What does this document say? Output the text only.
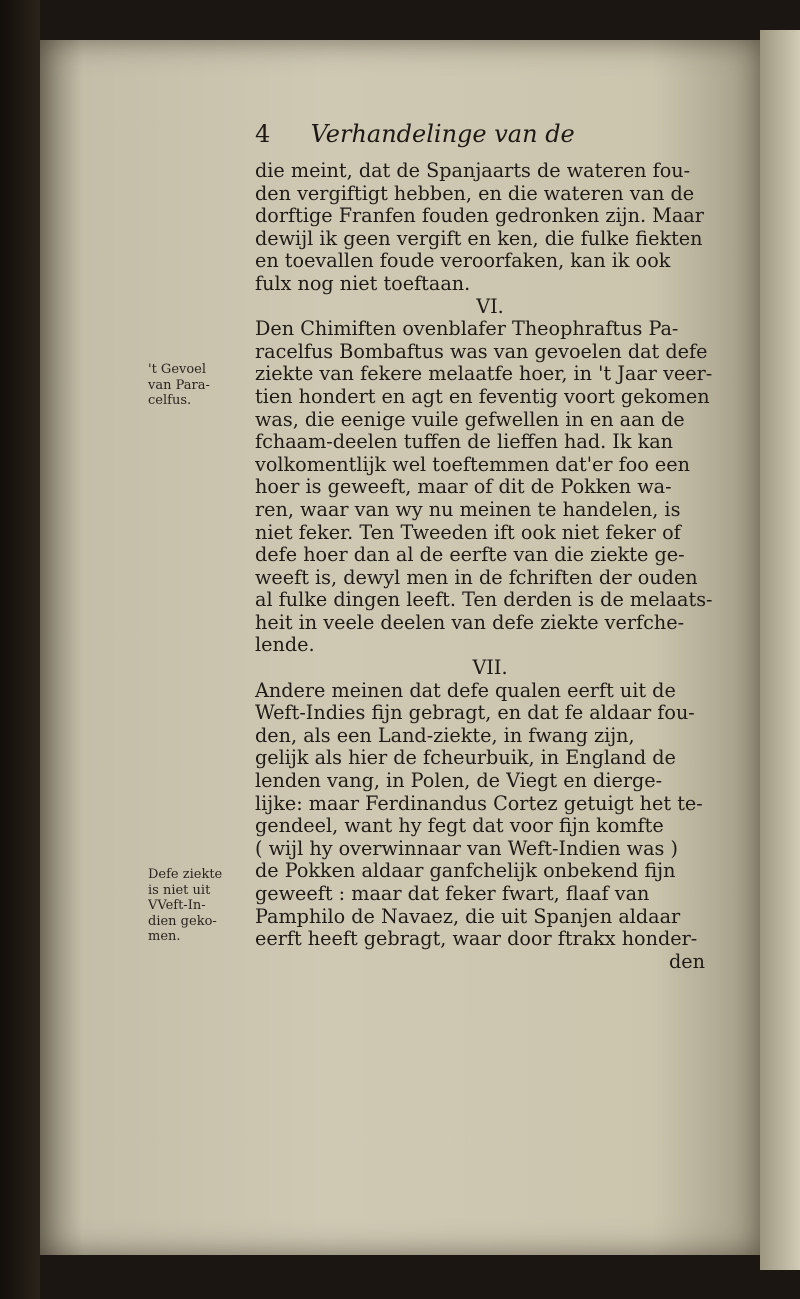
4 Verhandelinge van de
die meint, dat de Spanjaarts de wateren fou-
den vergiftigt hebben, en die wateren van de
dorftige Franfen fouden gedronken zijn. Maar
dewijl ik geen vergift en ken, die fulke fiekten
en toevallen foude veroorfaken, kan ik ook
fulx nog niet toeftaan.
VI.
Den Chimiften ovenblafer Theophraftus Pa-
racelfus Bombaftus was van gevoelen dat defe
ziekte van fekere melaatfe hoer, in 't Jaar veer-
tien hondert en agt en feventig voort gekomen
was, die eenige vuile gefwellen in en aan de
fchaam-deelen tuffen de lieffen had. Ik kan
volkomentlijk wel toeftemmen dat'er foo een
hoer is geweeft, maar of dit de Pokken wa-
ren, waar van wy nu meinen te handelen, is
niet feker. Ten Tweeden ift ook niet feker of
defe hoer dan al de eerfte van die ziekte ge-
weeft is, dewyl men in de fchriften der ouden
al fulke dingen leeft. Ten derden is de melaats-
heit in veele deelen van defe ziekte verfche-
lende.
VII.
Andere meinen dat defe qualen eerft uit de
Weft-Indies fijn gebragt, en dat fe aldaar fou-
den, als een Land-ziekte, in fwang zijn,
gelijk als hier de fcheurbuik, in England de
lenden vang, in Polen, de Viegt en dierge-
lijke: maar Ferdinandus Cortez getuigt het te-
gendeel, want hy fegt dat voor fijn komfte
( wijl hy overwinnaar van Weft-Indien was )
de Pokken aldaar ganfchelijk onbekend fijn
geweeft : maar dat feker fwart, flaaf van
Pamphilo de Navaez, die uit Spanjen aldaar
eerft heeft gebragt, waar door ftrakx honder-
den
't Gevoel
van Para-
celfus.
Defe ziekte
is niet uit
VVeft-In-
dien geko-
men.
